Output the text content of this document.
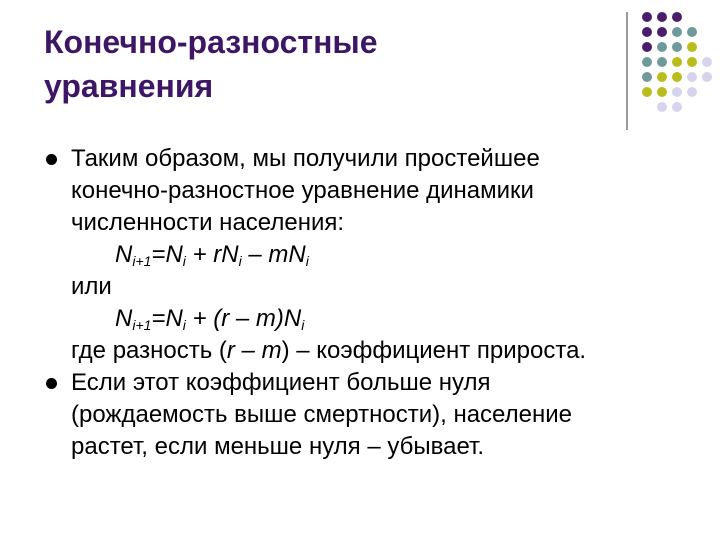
Конечно-разностные
уравнения
Таким образом, мы получили простейшее
конечно-разностное уравнение динамики
численности населения:
$N_{i+1}=N_i + rN_i - mN_i$
или
$N_{i+1}=N_i + (r - m)N_i$
где разность (r – m) – коэффициент прироста.
Если этот коэффициент больше нуля
(рождаемость выше смертности), население
растет, если меньше нуля – убывает.
